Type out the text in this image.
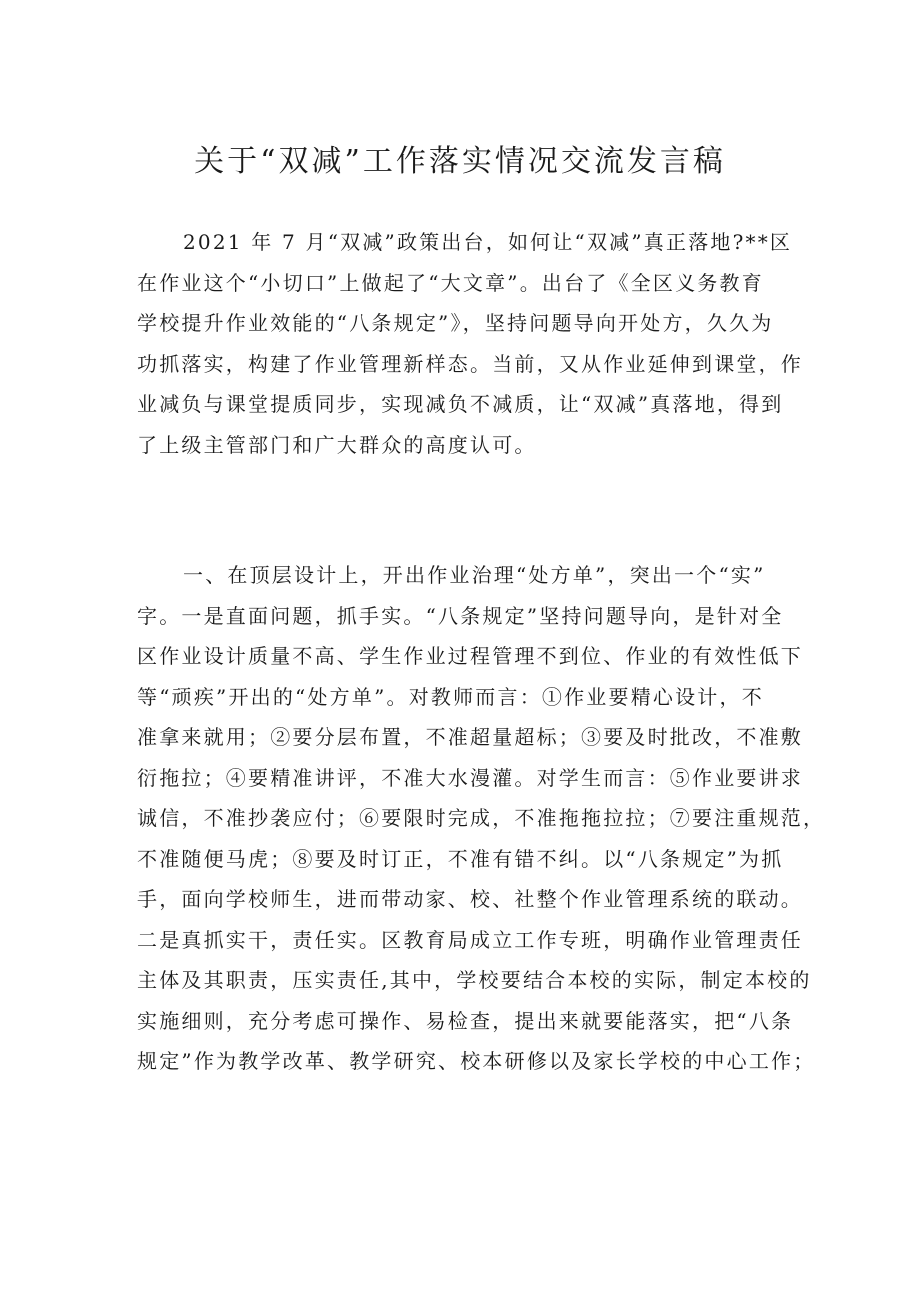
关于“双减”工作落实情况交流发言稿
2021 年 7 月“双减”政策出台，如何让“双减”真正落地?**区
在作业这个“小切口”上做起了“大文章”。出台了《全区义务教育
学校提升作业效能的“八条规定”》，坚持问题导向开处方，久久为
功抓落实，构建了作业管理新样态。当前，又从作业延伸到课堂，作
业减负与课堂提质同步，实现减负不减质，让“双减”真落地，得到
了上级主管部门和广大群众的高度认可。
一、在顶层设计上，开出作业治理“处方单”，突出一个“实”
字。一是直面问题，抓手实。“八条规定”坚持问题导向，是针对全
区作业设计质量不高、学生作业过程管理不到位、作业的有效性低下
等“顽疾”开出的“处方单”。对教师而言：①作业要精心设计，不
准拿来就用；②要分层布置，不准超量超标；③要及时批改，不准敷
衍拖拉；④要精准讲评，不准大水漫灌。对学生而言：⑤作业要讲求
诚信，不准抄袭应付；⑥要限时完成，不准拖拖拉拉；⑦要注重规范，
不准随便马虎；⑧要及时订正，不准有错不纠。以“八条规定”为抓
手，面向学校师生，进而带动家、校、社整个作业管理系统的联动。
二是真抓实干，责任实。区教育局成立工作专班，明确作业管理责任
主体及其职责，压实责任,其中，学校要结合本校的实际，制定本校的
实施细则，充分考虑可操作、易检查，提出来就要能落实，把“八条
规定”作为教学改革、教学研究、校本研修以及家长学校的中心工作；
